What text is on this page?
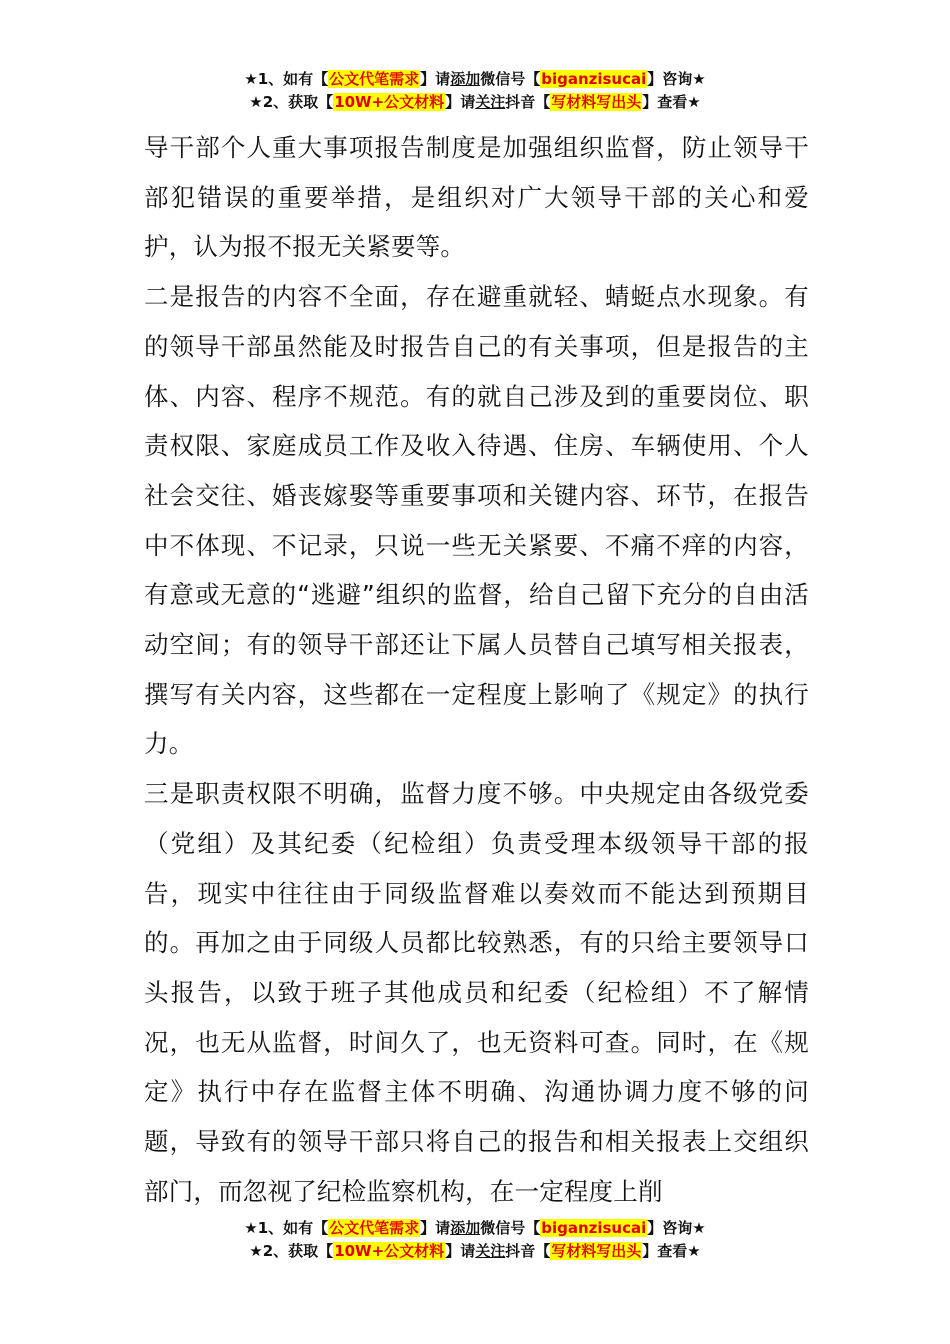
★1、如有【公文代笔需求】请添加微信号【biganzisucai】咨询★
★2、获取【10W+公文材料】请关注抖音【写材料写出头】查看★

导干部个人重大事项报告制度是加强组织监督，防止领导干部犯错误的重要举措，是组织对广大领导干部的关心和爱护，认为报不报无关紧要等。

二是报告的内容不全面，存在避重就轻、蜻蜓点水现象。有的领导干部虽然能及时报告自己的有关事项，但是报告的主体、内容、程序不规范。有的就自己涉及到的重要岗位、职责权限、家庭成员工作及收入待遇、住房、车辆使用、个人社会交往、婚丧嫁娶等重要事项和关键内容、环节，在报告中不体现、不记录，只说一些无关紧要、不痛不痒的内容，有意或无意的“逃避”组织的监督，给自己留下充分的自由活动空间；有的领导干部还让下属人员替自己填写相关报表，撰写有关内容，这些都在一定程度上影响了《规定》的执行力。

三是职责权限不明确，监督力度不够。中央规定由各级党委（党组）及其纪委（纪检组）负责受理本级领导干部的报告，现实中往往由于同级监督难以奏效而不能达到预期目的。再加之由于同级人员都比较熟悉，有的只给主要领导口头报告，以致于班子其他成员和纪委（纪检组）不了解情况，也无从监督，时间久了，也无资料可查。同时，在《规定》执行中存在监督主体不明确、沟通协调力度不够的问题，导致有的领导干部只将自己的报告和相关报表上交组织部门，而忽视了纪检监察机构，在一定程度上削

★1、如有【公文代笔需求】请添加微信号【biganzisucai】咨询★
★2、获取【10W+公文材料】请关注抖音【写材料写出头】查看★
